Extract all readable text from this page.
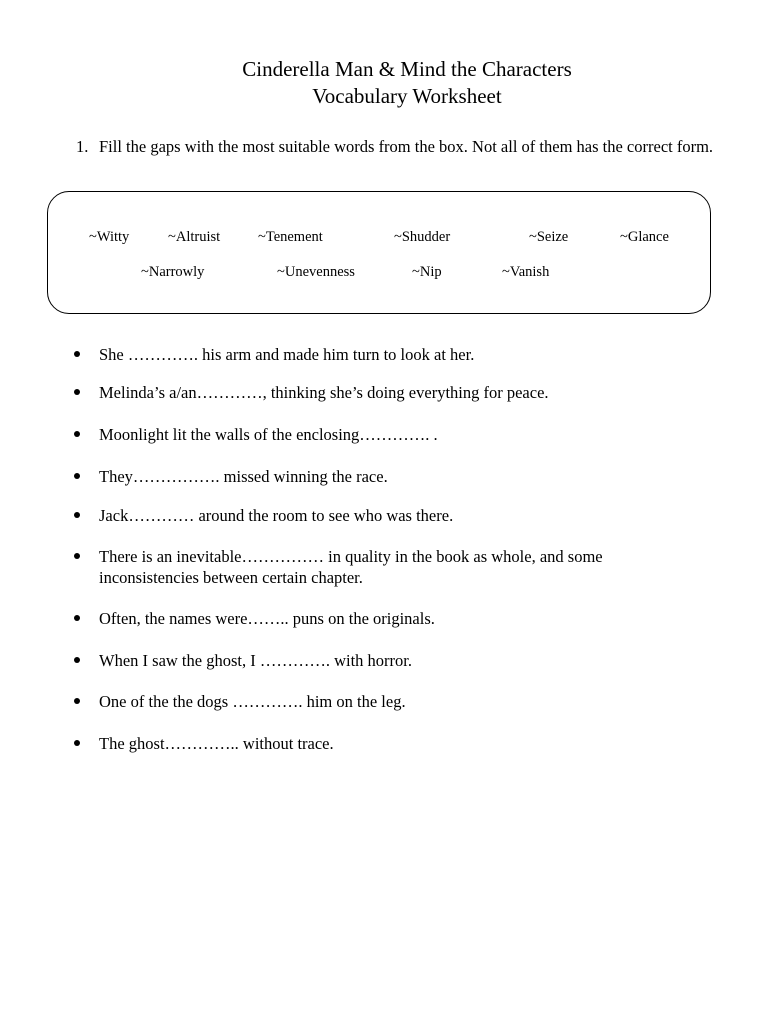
Cinderella Man & Mind the Characters
Vocabulary Worksheet
1. Fill the gaps with the most suitable words from the box. Not all of them has the correct form.
~Witty	~Altruist	~Tenement	~Shudder	~Seize	~Glance
~Narrowly	~Unevenness	~Nip	~Vanish
She …………. his arm and made him turn to look at her.
Melinda’s a/an…………, thinking she’s doing everything for peace.
Moonlight lit the walls of the enclosing…………. .
They……………. missed winning the race.
Jack………… around the room to see who was there.
There is an inevitable…………… in quality in the book as whole, and some inconsistencies between certain chapter.
Often, the names were…….. puns on the originals.
When I saw the ghost, I …………. with horror.
One of the the dogs …………. him on the leg.
The ghost………….. without trace.
